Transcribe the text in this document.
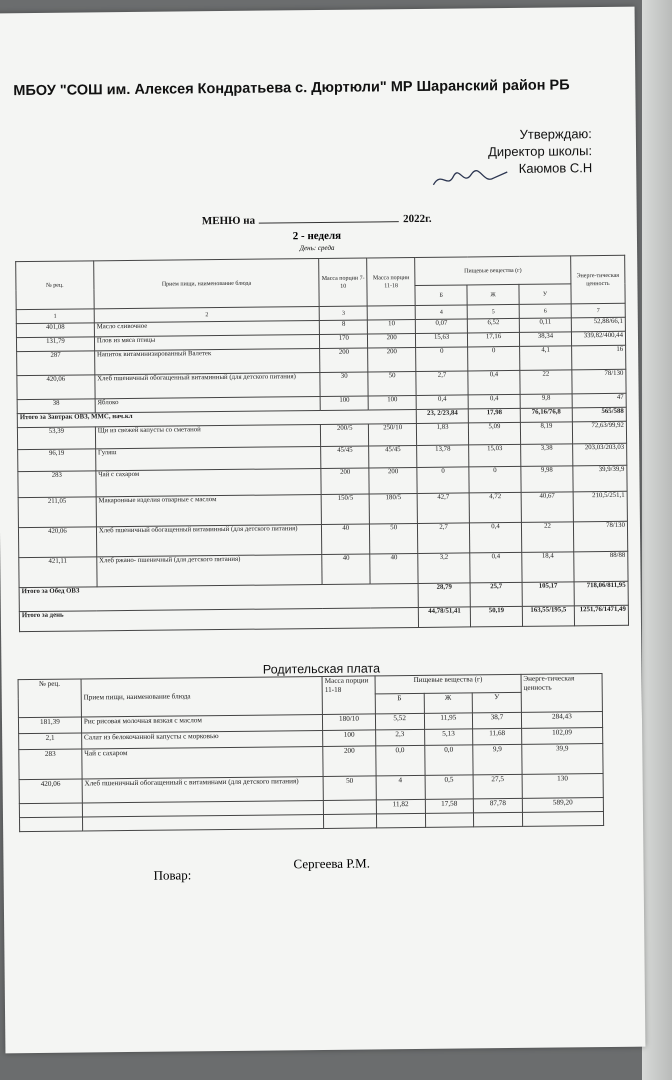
МБОУ "СОШ им. Алексея Кондратьева с. Дюртюли" МР Шаранский район РБ
Утверждаю:
Директор школы:
Каюмов С.Н
МЕНЮ на	2022г.
2 - неделя
День: среда
№ рец.	Прием пищи, наименование блюда	Масса порции 7-10	Масса порции 11-18	Пищевые вещества (г)			Энерге-тическая ценность
				Б	Ж	У	
1	2	3		4	5	6	7
401,08	Масло сливочное	8	10	0,07	6,52	0,11	52,88/66,1
131,79	Плов из мяса птицы	170	200	15,63	17,16	38,34	339,82/400,44
287	Напиток витаминизированный Валетек	200	200	0	0	4,1	16
420,06	Хлеб пшеничный обогащенный витаминный (для детского питания)	30	50	2,7	0,4	22	78/130
38	Яблоко	100	100	0,4	0,4	9,8	47
Итого за Завтрак ОВЗ, ММС, нач.кл				23, 2/23,84	17,98	76,16/76,8	565/588
53,39	Щи из свежей капусты со сметаной	200/5	250/10	1,83	5,09	8,19	72,63/99,92
96,19	Гуляш	45/45	45/45	13,78	15,03	3,38	203,03/203,03
283	Чай с сахаром	200	200	0	0	9,98	39,9/39,9
211,05	Макаронные изделия отварные с маслом	150/5	180/5	42,7	4,72	40,67	210,5/251,1
420,06	Хлеб пшеничный обогащенный витаминный (для детского питания)	40	50	2,7	0,4	22	78/130
421,11	Хлеб ржано- пшеничный (для детского питания)	40	40	3,2	0,4	18,4	88/88
Итого за Обед ОВЗ				28,79	25,7	105,17	718,06/811,95
Итого за день				44,78/51,41	50,19	163,55/195,5	1251,76/1471,49
Родительская плата
№ рец.	Прием пищи, наименование блюда	Масса порции 11-18	Пищевые вещества (г)			Энерге-тическая ценность
			Б	Ж	У	
181,39	Рис рисовая молочная вязкая с маслом	180/10	5,52	11,95	38,7	284,43
2,1	Салат из белокочанной капусты с морковью	100	2,3	5,13	11,68	102,09
283	Чай с сахаром	200	0,0	0,0	9,9	39,9
420,06	Хлеб пшеничный обогащенный с витаминами (для детского питания)	50	4	0,5	27,5	130
			11,82	17,58	87,78	589,20

Повар:
Сергеева Р.М.
